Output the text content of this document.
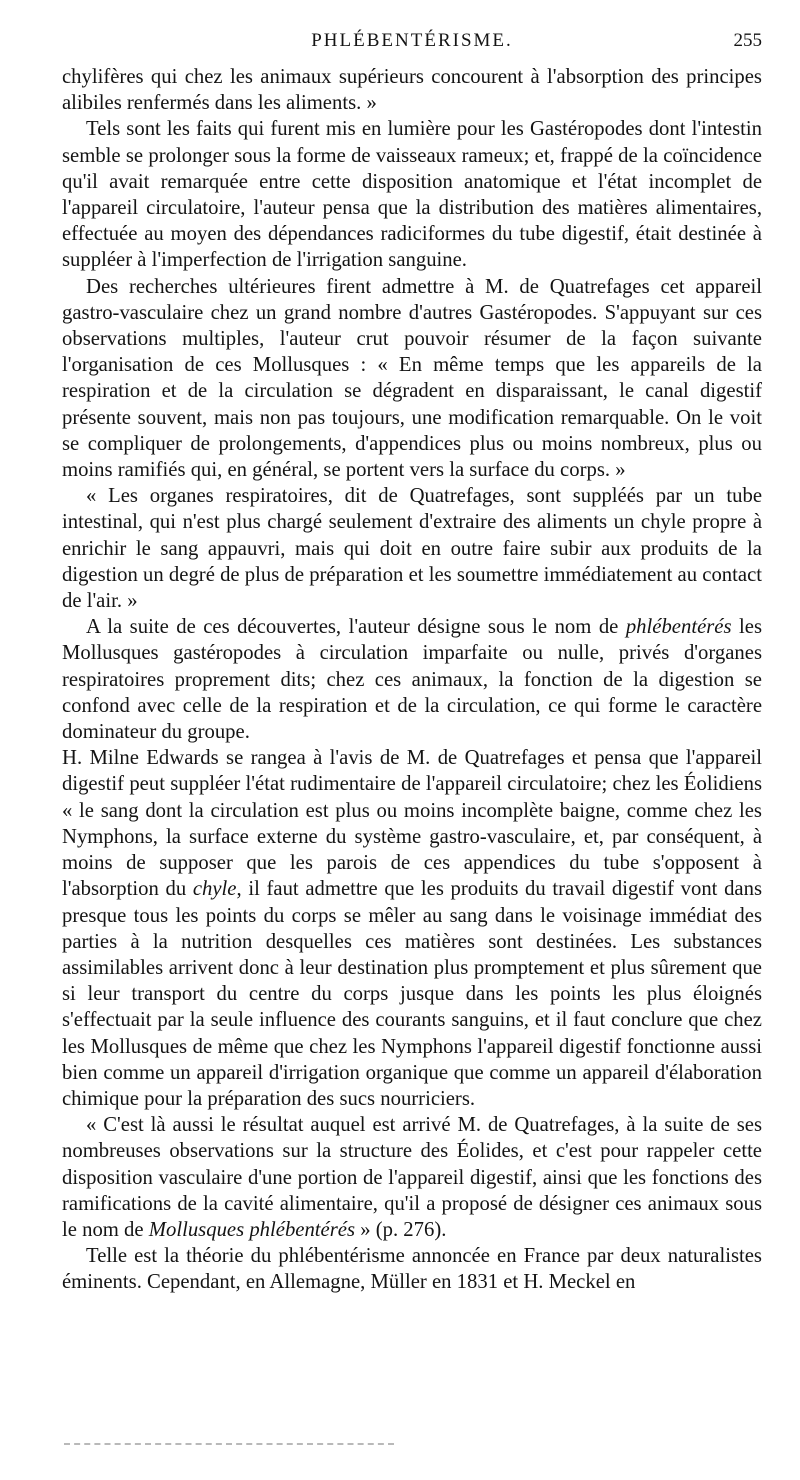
PHLÉBENTÉRISME.	255

chylifères qui chez les animaux supérieurs concourent à l'absorption des principes alibiles renfermés dans les aliments. »

Tels sont les faits qui furent mis en lumière pour les Gastéropodes dont l'intestin semble se prolonger sous la forme de vaisseaux rameux; et, frappé de la coïncidence qu'il avait remarquée entre cette disposition anatomique et l'état incomplet de l'appareil circulatoire, l'auteur pensa que la distribution des matières alimentaires, effectuée au moyen des dépendances radiciformes du tube digestif, était destinée à suppléer à l'imperfection de l'irrigation sanguine.

Des recherches ultérieures firent admettre à M. de Quatrefages cet appareil gastro-vasculaire chez un grand nombre d'autres Gastéropodes. S'appuyant sur ces observations multiples, l'auteur crut pouvoir résumer de la façon suivante l'organisation de ces Mollusques : « En même temps que les appareils de la respiration et de la circulation se dégradent en disparaissant, le canal digestif présente souvent, mais non pas toujours, une modification remarquable. On le voit se compliquer de prolongements, d'appendices plus ou moins nombreux, plus ou moins ramifiés qui, en général, se portent vers la surface du corps. »

« Les organes respiratoires, dit de Quatrefages, sont suppléés par un tube intestinal, qui n'est plus chargé seulement d'extraire des aliments un chyle propre à enrichir le sang appauvri, mais qui doit en outre faire subir aux produits de la digestion un degré de plus de préparation et les soumettre immédiatement au contact de l'air. »

A la suite de ces découvertes, l'auteur désigne sous le nom de phlébentérés les Mollusques gastéropodes à circulation imparfaite ou nulle, privés d'organes respiratoires proprement dits; chez ces animaux, la fonction de la digestion se confond avec celle de la respiration et de la circulation, ce qui forme le caractère dominateur du groupe.

H. Milne Edwards se rangea à l'avis de M. de Quatrefages et pensa que l'appareil digestif peut suppléer l'état rudimentaire de l'appareil circulatoire; chez les Éolidiens « le sang dont la circulation est plus ou moins incomplète baigne, comme chez les Nymphons, la surface externe du système gastro-vasculaire, et, par conséquent, à moins de supposer que les parois de ces appendices du tube s'opposent à l'absorption du chyle, il faut admettre que les produits du travail digestif vont dans presque tous les points du corps se mêler au sang dans le voisinage immédiat des parties à la nutrition desquelles ces matières sont destinées. Les substances assimilables arrivent donc à leur destination plus promptement et plus sûrement que si leur transport du centre du corps jusque dans les points les plus éloignés s'effectuait par la seule influence des courants sanguins, et il faut conclure que chez les Mollusques de même que chez les Nymphons l'appareil digestif fonctionne aussi bien comme un appareil d'irrigation organique que comme un appareil d'élaboration chimique pour la préparation des sucs nourriciers.

« C'est là aussi le résultat auquel est arrivé M. de Quatrefages, à la suite de ses nombreuses observations sur la structure des Éolides, et c'est pour rappeler cette disposition vasculaire d'une portion de l'appareil digestif, ainsi que les fonctions des ramifications de la cavité alimentaire, qu'il a proposé de désigner ces animaux sous le nom de Mollusques phlébentérés » (p. 276).

Telle est la théorie du phlébentérisme annoncée en France par deux naturalistes éminents. Cependant, en Allemagne, Müller en 1831 et H. Meckel en
